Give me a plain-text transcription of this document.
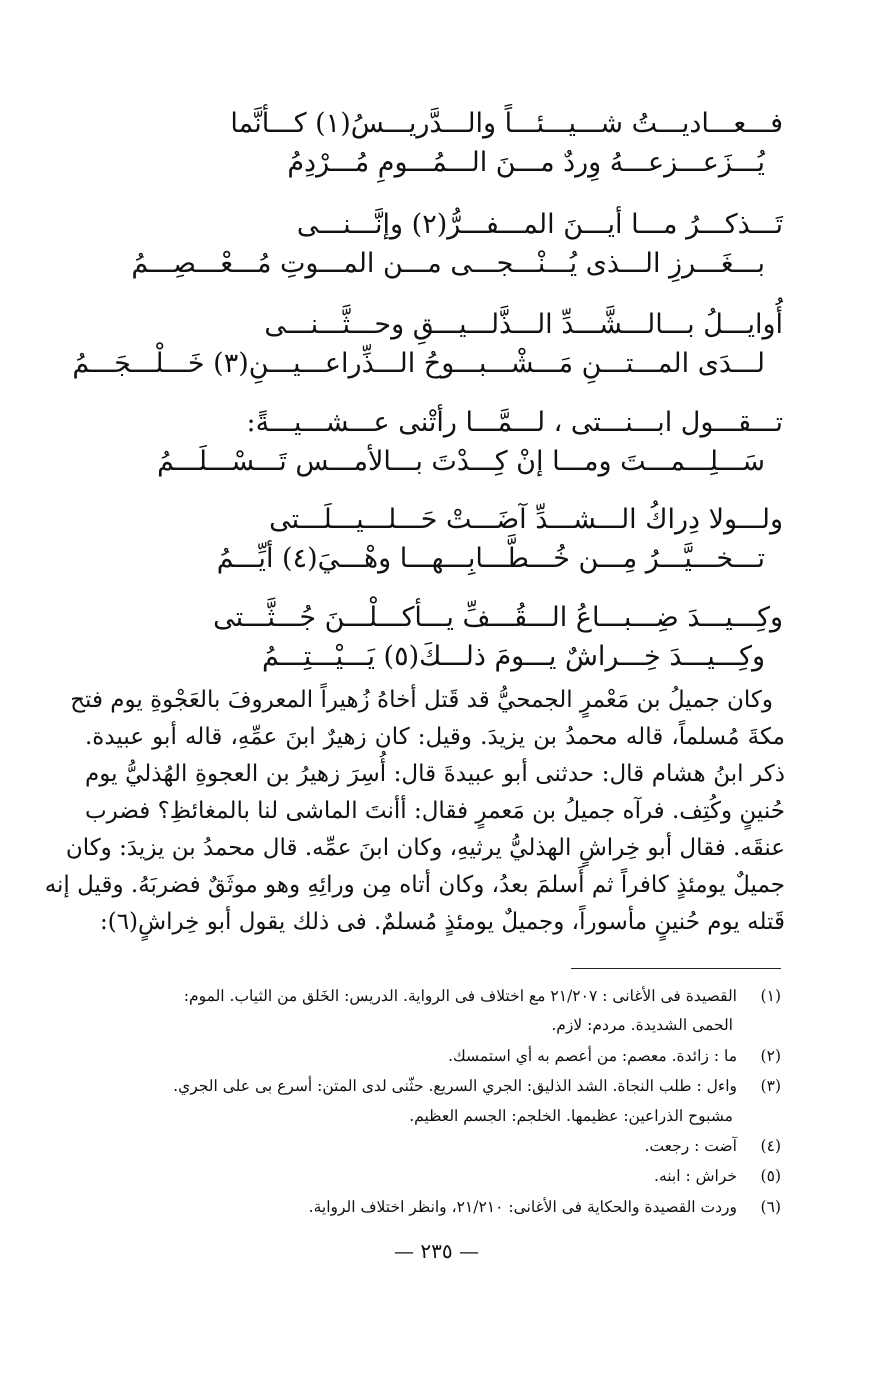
فـــعـــاديـــتُ شـــيـــئـــاً والـــدَّريـــسُ(١) كـــأنَّما
يُـــزَعـــزعـــهُ وِردٌ مـــنَ الـــمُـــومِ مُـــرْدِمُ
تَـــذكـــرُ مـــا أيـــنَ المـــفـــرُّ(٢) وإنَّـــنـــى
بـــغَـــرزِ الـــذى يُـــنْـــجـــى مـــن المـــوتِ مُـــعْـــصِـــمُ
أُوايـــلُ بـــالـــشَّـــدِّ الـــذَّلـــيـــقِ وحـــثَّـــنـــى
لـــدَى المـــتـــنِ مَـــشْـــبـــوحُ الـــذِّراعـــيـــنِ(٣) خَـــلْـــجَـــمُ
تـــقـــول ابـــنـــتى ، لـــمَّـــا رأتْنى عـــشـــيـــةً:
سَـــلِـــمـــتَ ومـــا إنْ كِـــدْتَ بـــالأمـــس تَـــسْـــلَـــمُ
ولـــولا دِراكُ الـــشـــدِّ آضَـــتْ حَـــلـــيـــلَـــتى
تـــخـــيَّـــرُ مِـــن خُـــطَّـــابِـــهـــا وهْـــيَ(٤) أيِّـــمُ
وكِـــيـــدَ ضِـــبـــاعُ الـــقُـــفِّ يـــأكـــلْـــنَ جُـــثَّـــتى
وكِـــيـــدَ خِـــراشٌ يـــومَ ذلـــكَ(٥) يَـــيْـــتِـــمُ
وكان جميلُ بن مَعْمرٍ الجمحيُّ قد قَتل أخاهُ زُهيراً المعروفَ بالعَجْوةِ يوم فتح
مكةَ مُسلماً، قاله محمدُ بن يزيدَ. وقيل: كان زهيرٌ ابنَ عمِّهِ، قاله أبو عبيدة.
ذكر ابنُ هشام قال: حدثنى أبو عبيدةَ قال: أُسِرَ زهيرُ بن العجوةِ الهُذليُّ يوم
حُنينٍ وكُتِف. فرآه جميلُ بن مَعمرٍ فقال: أأنتَ الماشى لنا بالمغائظِ؟ فضرب
عنقَه. فقال أبو خِراشٍ الهذليُّ يرثيهِ، وكان ابنَ عمِّه. قال محمدُ بن يزيدَ: وكان
جميلٌ يومئذٍ كافراً ثم أَسلمَ بعدُ، وكان أتاه مِن ورائِهِ وهو موثَقٌ فضربَهُ. وقيل إنه
قَتله يوم حُنينٍ مأسوراً، وجميلٌ يومئذٍ مُسلمٌ. فى ذلك يقول أبو خِراشٍ(٦):
(١)القصيدة فى الأغانى : ٢١/٢٠٧ مع اختلاف فى الرواية. الدريس: الخَلق من الثياب. الموم:
الحمى الشديدة. مردم: لازم.
(٢)ما : زائدة. معصم: من أعصم به أي استمسك.
(٣)واءل : طلب النجاة. الشد الذليق: الجري السريع. حثّنى لدى المتن: أسرع بى على الجري.
مشبوح الذراعين: عظيمها. الخلجم: الجسم العظيم.
(٤)آضت : رجعت.
(٥)خراش : ابنه.
(٦)وردت القصيدة والحكاية فى الأغانى: ٢١/٢١٠، وانظر اختلاف الرواية.
— ٢٣٥ —
